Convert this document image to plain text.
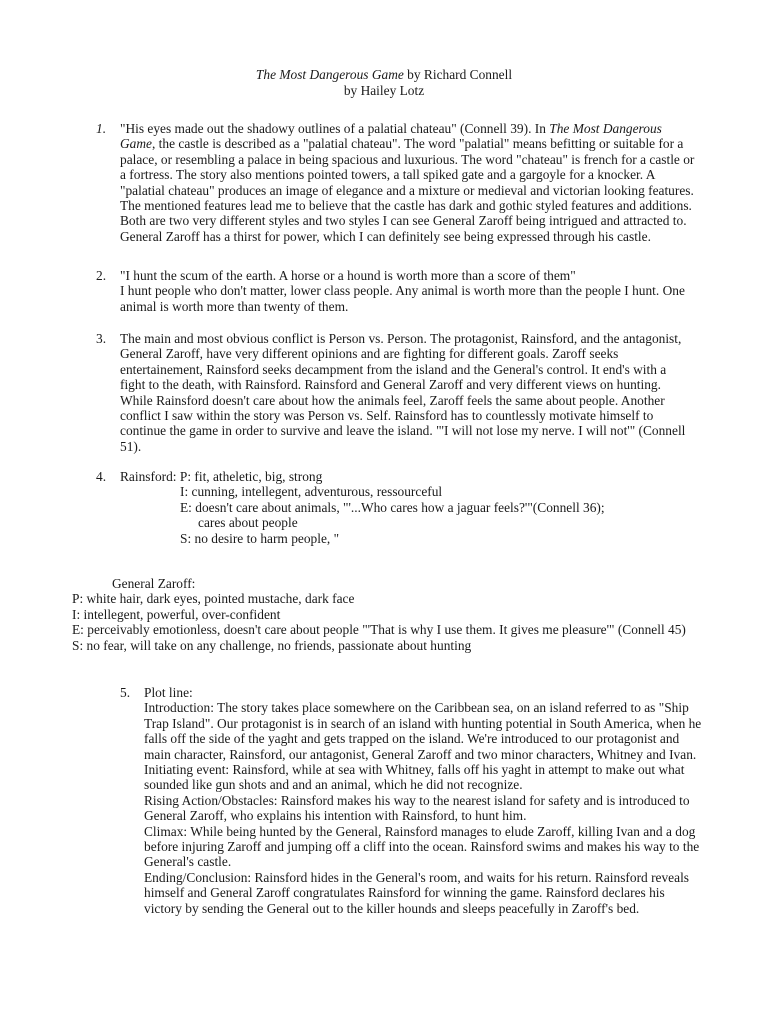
The Most Dangerous Game by Richard Connell
by Hailey Lotz
1. "His eyes made out the shadowy outlines of a palatial chateau" (Connell 39). In The Most Dangerous Game, the castle is described as a "palatial chateau". The word "palatial" means befitting or suitable for a palace, or resembling a palace in being spacious and luxurious. The word "chateau" is french for a castle or a fortress. The story also mentions pointed towers, a tall spiked gate and a gargoyle for a knocker. A "palatial chateau" produces an image of elegance and a mixture or medieval and victorian looking features. The mentioned features lead me to believe that the castle has dark and gothic styled features and additions. Both are two very different styles and two styles I can see General Zaroff being intrigued and attracted to. General Zaroff has a thirst for power, which I can definitely see being expressed through his castle.
2. "I hunt the scum of the earth. A horse or a hound is worth more than a score of them"
I hunt people who don't matter, lower class people. Any animal is worth more than the people I hunt. One animal is worth more than twenty of them.
3. The main and most obvious conflict is Person vs. Person. The protagonist, Rainsford, and the antagonist, General Zaroff, have very different opinions and are fighting for different goals. Zaroff seeks entertainement, Rainsford seeks decampment from the island and the General's control. It end's with a fight to the death, with Rainsford. Rainsford and General Zaroff and very different views on hunting. While Rainsford doesn't care about how the animals feel, Zaroff feels the same about people. Another conflict I saw within the story was Person vs. Self. Rainsford has to countlessly motivate himself to continue the game in order to survive and leave the island. "'I will not lose my nerve. I will not'" (Connell 51).
4. Rainsford: P: fit, atheletic, big, strong
I: cunning, intellegent, adventurous, ressourceful
E: doesn't care about animals, "'...Who cares how a jaguar feels?'"(Connell 36);
cares about people
S: no desire to harm people, "
General Zaroff:
P: white hair, dark eyes, pointed mustache, dark face
I: intellegent, powerful, over-confident
E: perceivably emotionless, doesn't care about people "'That is why I use them. It gives me pleasure'" (Connell 45)
S: no fear, will take on any challenge, no friends, passionate about hunting
5. Plot line:
Introduction: The story takes place somewhere on the Caribbean sea, on an island referred to as "Ship Trap Island". Our protagonist is in search of an island with hunting potential in South America, when he falls off the side of the yaght and gets trapped on the island. We're introduced to our protagonist and main character, Rainsford, our antagonist, General Zaroff and two minor characters, Whitney and Ivan.
Initiating event: Rainsford, while at sea with Whitney, falls off his yaght in attempt to make out what sounded like gun shots and and an animal, which he did not recognize.
Rising Action/Obstacles: Rainsford makes his way to the nearest island for safety and is introduced to General Zaroff, who explains his intention with Rainsford, to hunt him.
Climax: While being hunted by the General, Rainsford manages to elude Zaroff, killing Ivan and a dog before injuring Zaroff and jumping off a cliff into the ocean. Rainsford swims and makes his way to the General's castle.
Ending/Conclusion: Rainsford hides in the General's room, and waits for his return. Rainsford reveals himself and General Zaroff congratulates Rainsford for winning the game. Rainsford declares his victory by sending the General out to the killer hounds and sleeps peacefully in Zaroff's bed.
